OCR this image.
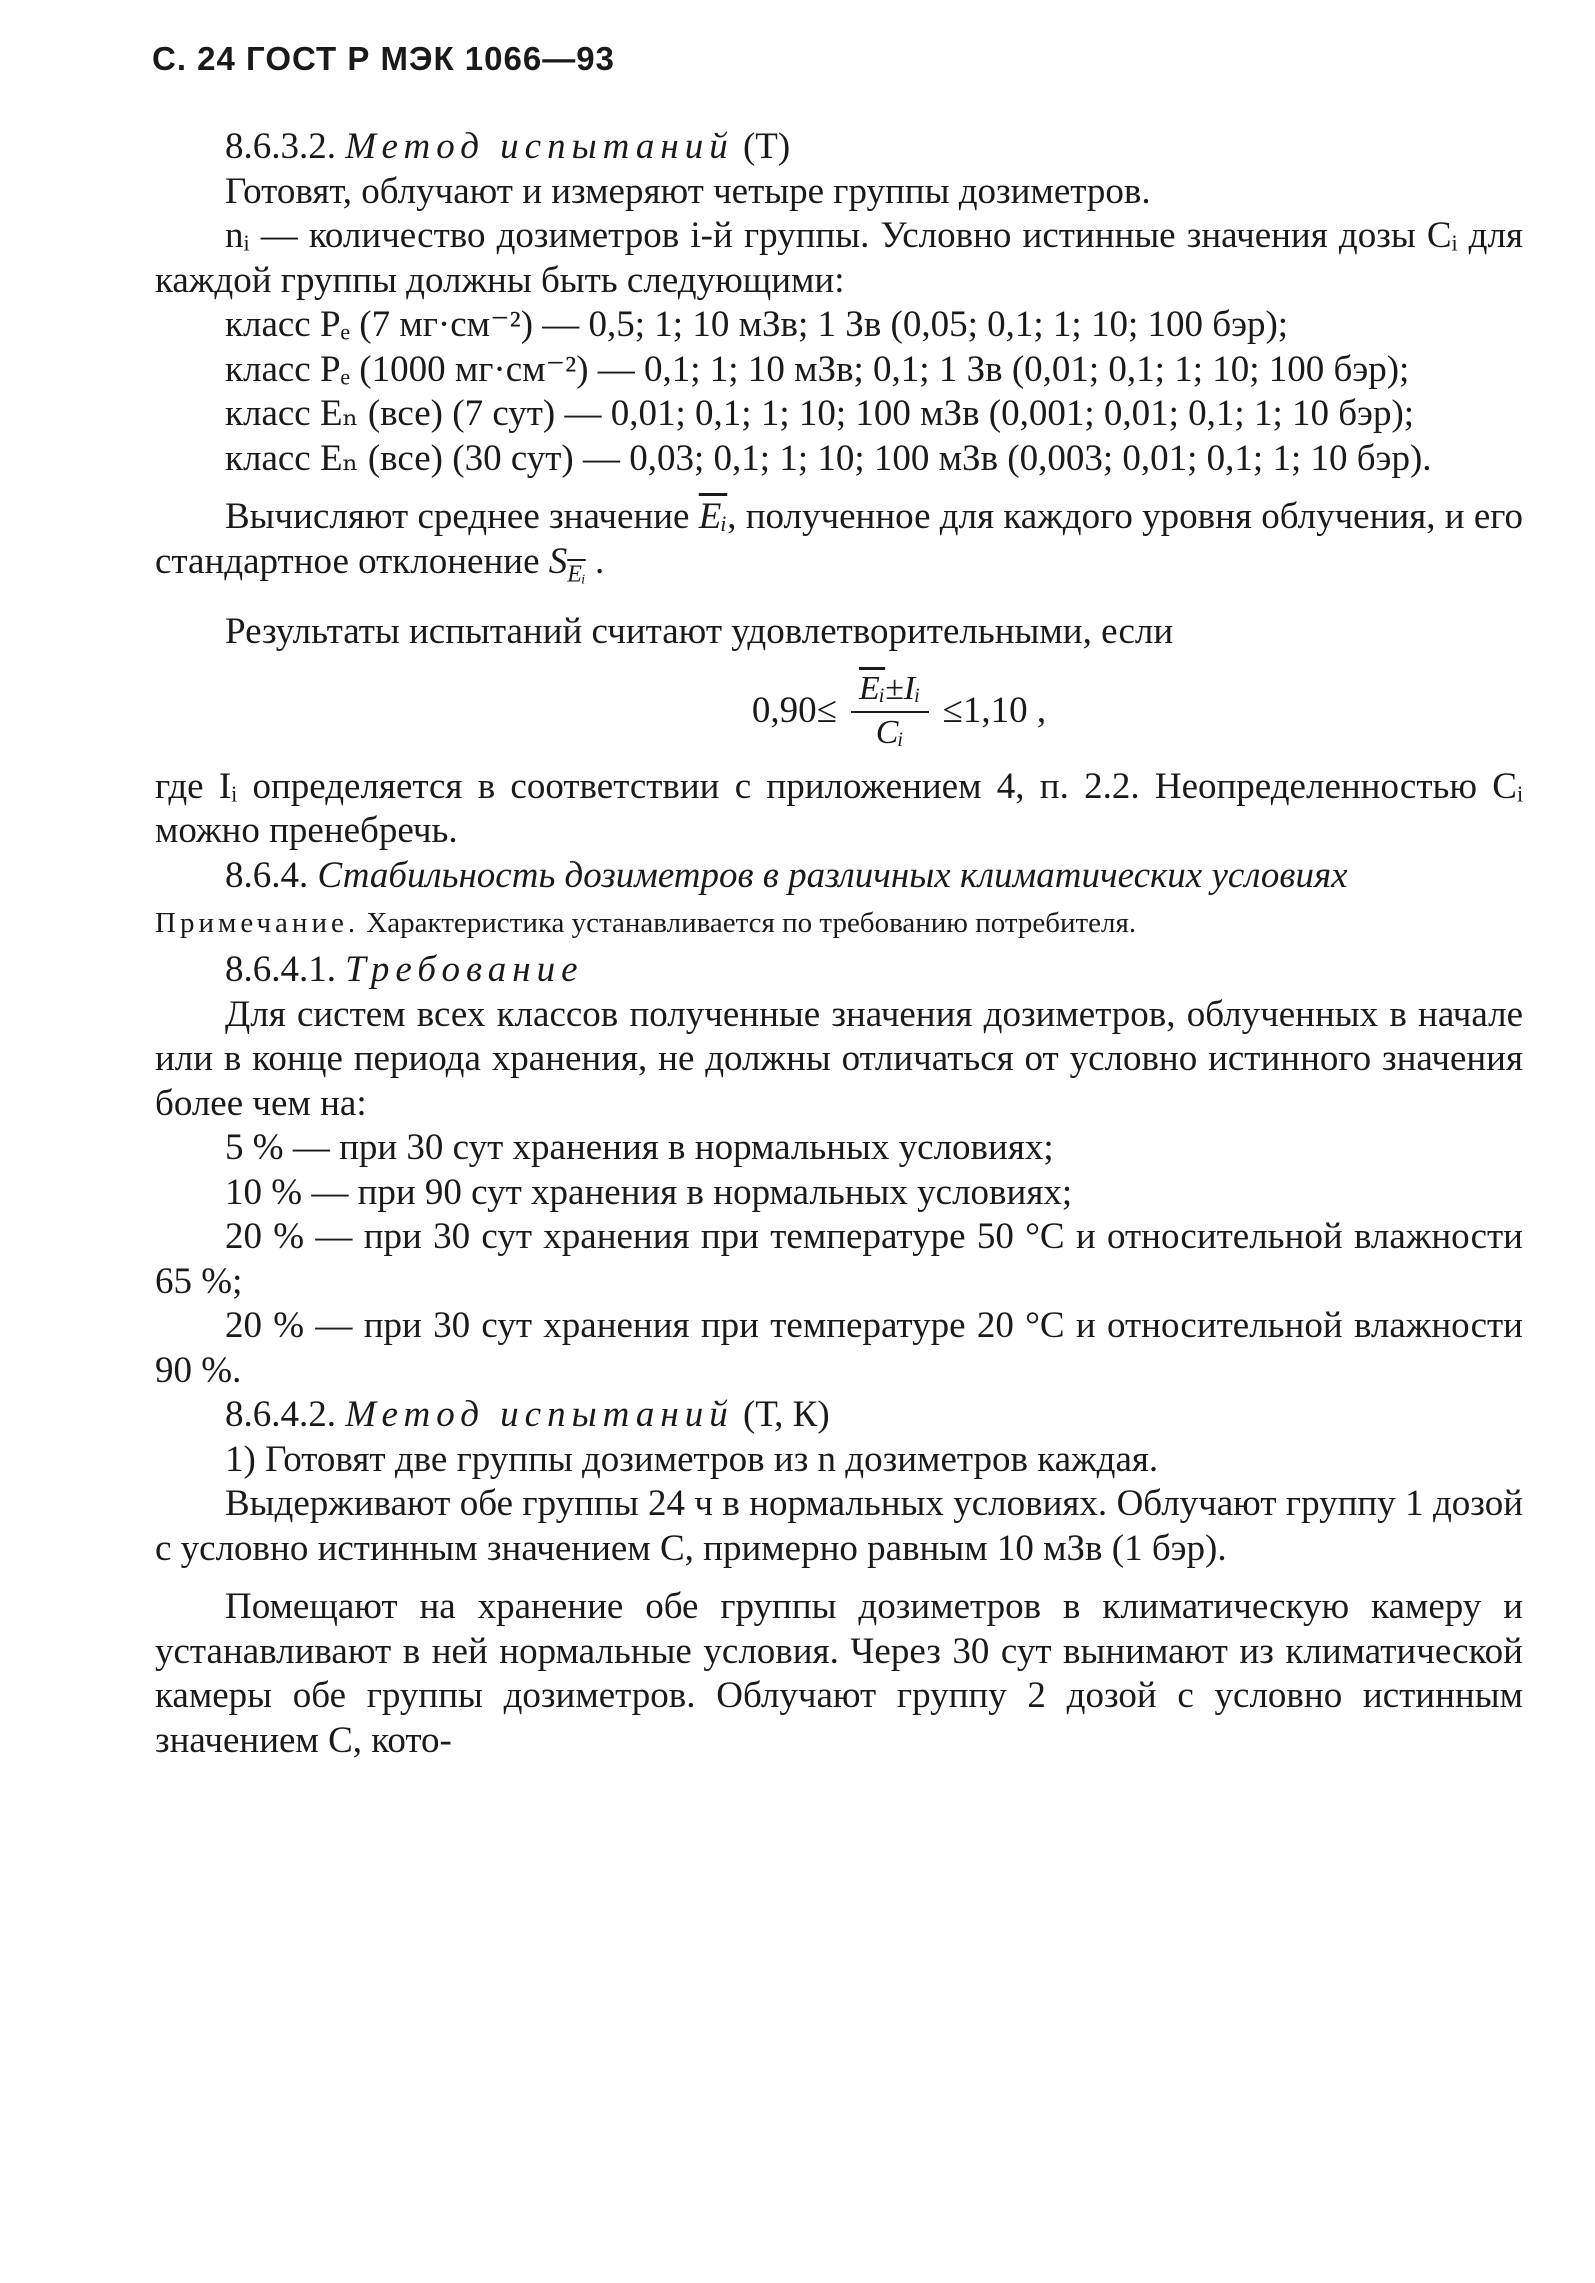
С. 24 ГОСТ Р МЭК 1066—93

8.6.3.2. Метод испытаний (Т)

Готовят, облучают и измеряют четыре группы дозиметров.

nᵢ — количество дозиметров i-й группы. Условно истинные значения дозы Cᵢ для каждой группы должны быть следующими:

класс Pₑ (7 мг·см⁻²) — 0,5; 1; 10 мЗв; 1 Зв (0,05; 0,1; 1; 10; 100 бэр);

класс Pₑ (1000 мг·см⁻²) — 0,1; 1; 10 мЗв; 0,1; 1 Зв (0,01; 0,1; 1; 10; 100 бэр);

класс Eₙ (все) (7 сут) — 0,01; 0,1; 1; 10; 100 мЗв (0,001; 0,01; 0,1; 1; 10 бэр);

класс Eₙ (все) (30 сут) — 0,03; 0,1; 1; 10; 100 мЗв (0,003; 0,01; 0,1; 1; 10 бэр).

Вычисляют среднее значение $\overline{Eᵢ}$, полученное для каждого уровня облучения, и его стандартное отклонение $S_{\overline{Eᵢ}}$ .

Результаты испытаний считают удовлетворительными, если

$0,90\le \frac{\overline{Eᵢ}\pm Iᵢ}{\text{Cᵢ}} \le 1,10$ ,

где Iᵢ определяется в соответствии с приложением 4, п. 2.2. Неопределенностью Cᵢ можно пренебречь.

8.6.4. Стабильность дозиметров в различных климатических условиях

Примечание. Характеристика устанавливается по требованию потребителя.

8.6.4.1. Требование

Для систем всех классов полученные значения дозиметров, облученных в начале или в конце периода хранения, не должны отличаться от условно истинного значения более чем на:

5 % — при 30 сут хранения в нормальных условиях;

10 % — при 90 сут хранения в нормальных условиях;

20 % — при 30 сут хранения при температуре 50 °С и относительной влажности 65 %;

20 % — при 30 сут хранения при температуре 20 °С и относительной влажности 90 %.

8.6.4.2. Метод испытаний (Т, К)

1) Готовят две группы дозиметров из n дозиметров каждая.

Выдерживают обе группы 24 ч в нормальных условиях. Облучают группу 1 дозой с условно истинным значением C, примерно равным 10 мЗв (1 бэр).

Помещают на хранение обе группы дозиметров в климатическую камеру и устанавливают в ней нормальные условия. Через 30 сут вынимают из климатической камеры обе группы дозиметров. Облучают группу 2 дозой с условно истинным значением C, кото-
